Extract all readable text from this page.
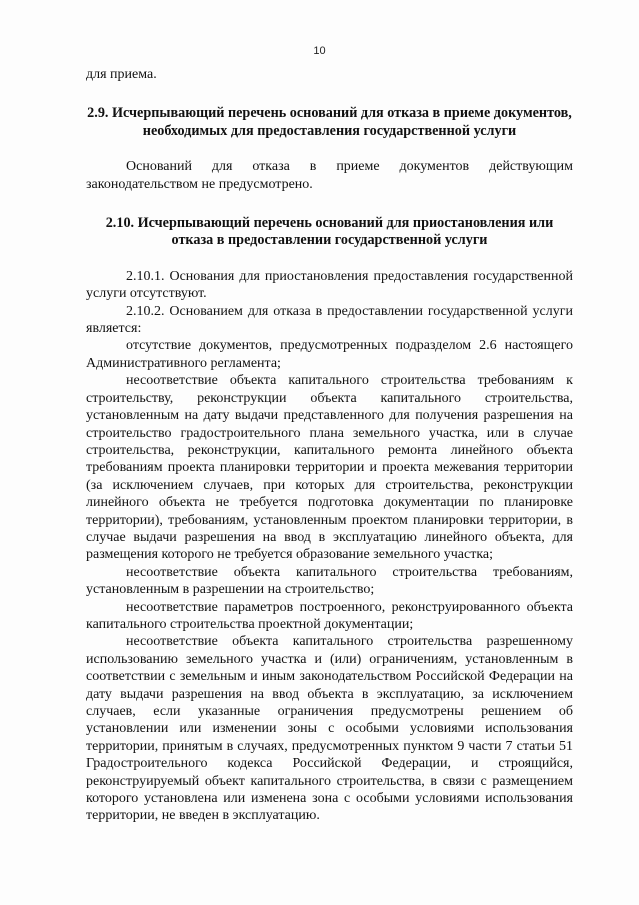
10

для приема.

2.9. Исчерпывающий перечень оснований для отказа в приеме документов, необходимых для предоставления государственной услуги

Оснований для отказа в приеме документов действующим законодательством не предусмотрено.

2.10. Исчерпывающий перечень оснований для приостановления или отказа в предоставлении государственной услуги

2.10.1. Основания для приостановления предоставления государственной услуги отсутствуют.

2.10.2. Основанием для отказа в предоставлении государственной услуги является:

отсутствие документов, предусмотренных подразделом 2.6 настоящего Административного регламента;

несоответствие объекта капитального строительства требованиям к строительству, реконструкции объекта капитального строительства, установленным на дату выдачи представленного для получения разрешения на строительство градостроительного плана земельного участка, или в случае строительства, реконструкции, капитального ремонта линейного объекта требованиям проекта планировки территории и проекта межевания территории (за исключением случаев, при которых для строительства, реконструкции линейного объекта не требуется подготовка документации по планировке территории), требованиям, установленным проектом планировки территории, в случае выдачи разрешения на ввод в эксплуатацию линейного объекта, для размещения которого не требуется образование земельного участка;

несоответствие объекта капитального строительства требованиям, установленным в разрешении на строительство;

несоответствие параметров построенного, реконструированного объекта капитального строительства проектной документации;

несоответствие объекта капитального строительства разрешенному использованию земельного участка и (или) ограничениям, установленным в соответствии с земельным и иным законодательством Российской Федерации на дату выдачи разрешения на ввод объекта в эксплуатацию, за исключением случаев, если указанные ограничения предусмотрены решением об установлении или изменении зоны с особыми условиями использования территории, принятым в случаях, предусмотренных пунктом 9 части 7 статьи 51 Градостроительного кодекса Российской Федерации, и строящийся, реконструируемый объект капитального строительства, в связи с размещением которого установлена или изменена зона с особыми условиями использования территории, не введен в эксплуатацию.
